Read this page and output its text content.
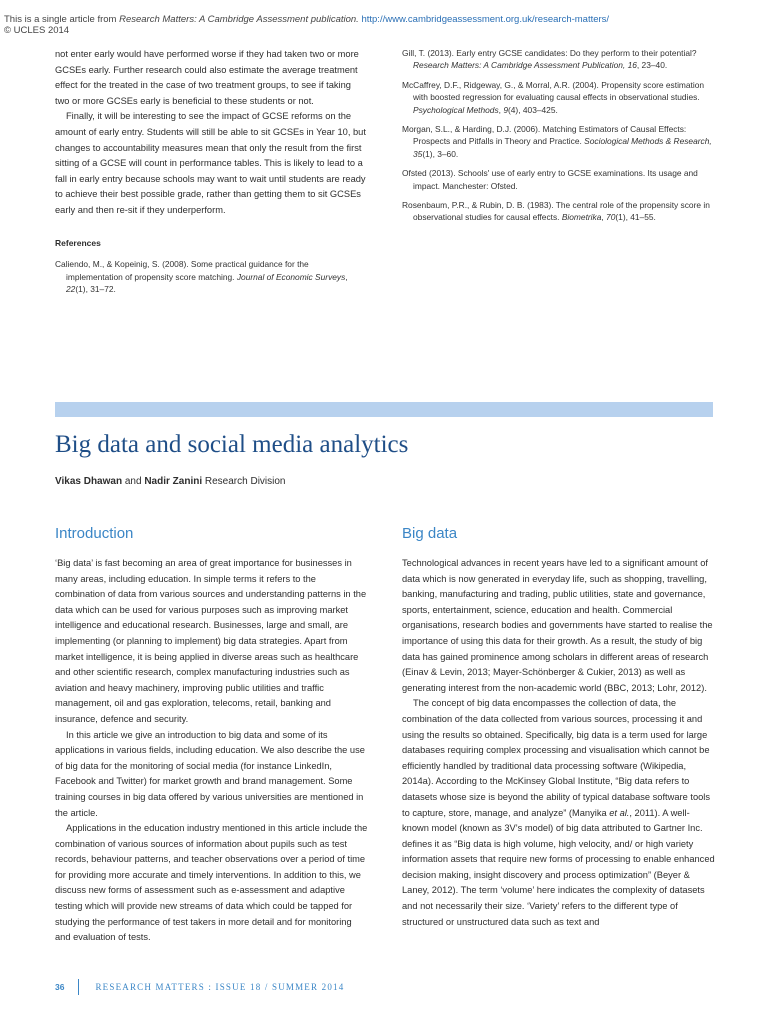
This is a single article from Research Matters: A Cambridge Assessment publication. http://www.cambridgeassessment.org.uk/research-matters/
© UCLES 2014

not enter early would have performed worse if they had taken two or more GCSEs early. Further research could also estimate the average treatment effect for the treated in the case of two treatment groups, to see if taking two or more GCSEs early is beneficial to these students or not.

Finally, it will be interesting to see the impact of GCSE reforms on the amount of early entry. Students will still be able to sit GCSEs in Year 10, but changes to accountability measures mean that only the result from the first sitting of a GCSE will count in performance tables. This is likely to lead to a fall in early entry because schools may want to wait until students are ready to achieve their best possible grade, rather than getting them to sit GCSEs early and then re-sit if they underperform.

References
Caliendo, M., & Kopeinig, S. (2008). Some practical guidance for the implementation of propensity score matching. Journal of Economic Surveys, 22(1), 31–72.
Gill, T. (2013). Early entry GCSE candidates: Do they perform to their potential? Research Matters: A Cambridge Assessment Publication, 16, 23–40.
McCaffrey, D.F., Ridgeway, G., & Morral, A.R. (2004). Propensity score estimation with boosted regression for evaluating causal effects in observational studies. Psychological Methods, 9(4), 403–425.
Morgan, S.L., & Harding, D.J. (2006). Matching Estimators of Causal Effects: Prospects and Pitfalls in Theory and Practice. Sociological Methods & Research, 35(1), 3–60.
Ofsted (2013). Schools' use of early entry to GCSE examinations. Its usage and impact. Manchester: Ofsted.
Rosenbaum, P.R., & Rubin, D. B. (1983). The central role of the propensity score in observational studies for causal effects. Biometrika, 70(1), 41–55.
Big data and social media analytics
Vikas Dhawan and Nadir Zanini Research Division
Introduction	Big data

‘Big data’ is fast becoming an area of great importance for businesses in many areas, including education. In simple terms it refers to the combination of data from various sources and understanding patterns in the data which can be used for various purposes such as improving market intelligence and educational research. Businesses, large and small, are implementing (or planning to implement) big data strategies. Apart from market intelligence, it is being applied in diverse areas such as healthcare and other scientific research, complex manufacturing industries such as aviation and heavy machinery, improving public utilities and traffic management, oil and gas exploration, telecoms, retail, banking and insurance, defence and security.

In this article we give an introduction to big data and some of its applications in various fields, including education. We also describe the use of big data for the monitoring of social media (for instance LinkedIn, Facebook and Twitter) for market growth and brand management. Some training courses in big data offered by various universities are mentioned in the article.

Applications in the education industry mentioned in this article include the combination of various sources of information about pupils such as test records, behaviour patterns, and teacher observations over a period of time for providing more accurate and timely interventions. In addition to this, we discuss new forms of assessment such as e-assessment and adaptive testing which will provide new streams of data which could be tapped for studying the performance of test takers in more detail and for monitoring and evaluation of tests.

Technological advances in recent years have led to a significant amount of data which is now generated in everyday life, such as shopping, travelling, banking, manufacturing and trading, public utilities, state and governance, sports, entertainment, science, education and health. Commercial organisations, research bodies and governments have started to realise the importance of using this data for their growth. As a result, the study of big data has gained prominence among scholars in different areas of research (Einav & Levin, 2013; Mayer-Schönberger & Cukier, 2013) as well as generating interest from the non-academic world (BBC, 2013; Lohr, 2012).

The concept of big data encompasses the collection of data, the combination of the data collected from various sources, processing it and using the results so obtained. Specifically, big data is a term used for large databases requiring complex processing and visualisation which cannot be efficiently handled by traditional data processing software (Wikipedia, 2014a). According to the McKinsey Global Institute, “Big data refers to datasets whose size is beyond the ability of typical database software tools to capture, store, manage, and analyze” (Manyika et al., 2011). A well-known model (known as 3V’s model) of big data attributed to Gartner Inc. defines it as “Big data is high volume, high velocity, and/ or high variety information assets that require new forms of processing to enable enhanced decision making, insight discovery and process optimization” (Beyer & Laney, 2012). The term ‘volume’ here indicates the complexity of datasets and not necessarily their size. ‘Variety’ refers to the different type of structured or unstructured data such as text and

36	RESEARCH MATTERS : ISSUE 18 / SUMMER 2014
